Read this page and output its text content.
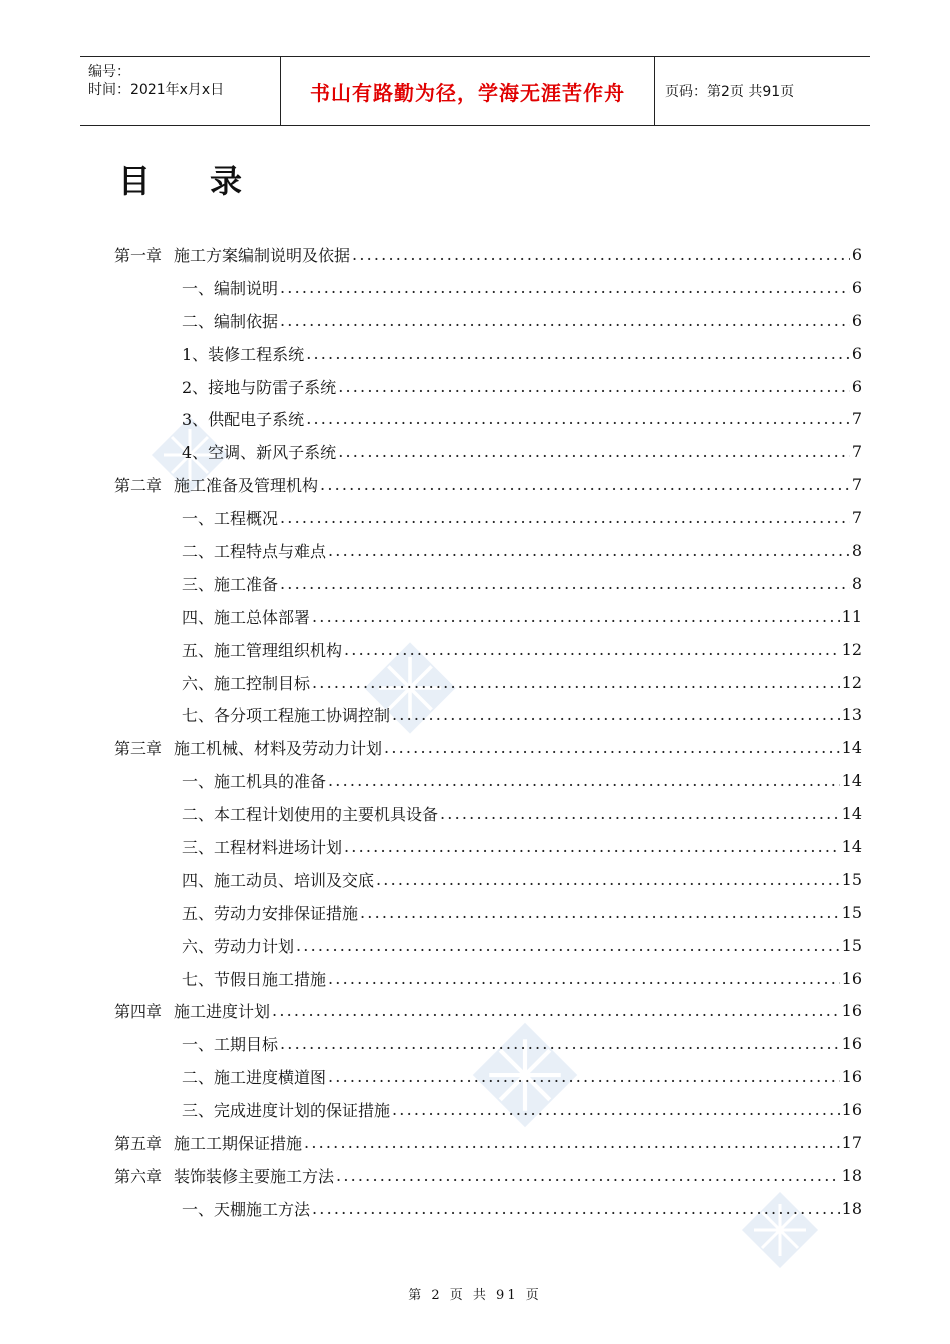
编号：
时间：2021年x月x日	书山有路勤为径，学海无涯苦作舟	页码：第2页 共91页
目录
第一章 施工方案编制说明及依据 .....	6
一、编制说明 .....	6
二、编制依据 .....	6
1、装修工程系统 .....	6
2、接地与防雷子系统 .....	6
3、供配电子系统 .....	7
4、空调、新风子系统 .....	7
第二章 施工准备及管理机构 .....	7
一、工程概况 .....	7
二、工程特点与难点 .....	8
三、施工准备 .....	8
四、施工总体部署 .....	11
五、施工管理组织机构 .....	12
六、施工控制目标 .....	12
七、各分项工程施工协调控制 .....	13
第三章 施工机械、材料及劳动力计划 .....	14
一、施工机具的准备 .....	14
二、本工程计划使用的主要机具设备 .....	14
三、工程材料进场计划 .....	14
四、施工动员、培训及交底 .....	15
五、劳动力安排保证措施 .....	15
六、劳动力计划 .....	15
七、节假日施工措施 .....	16
第四章 施工进度计划 .....	16
一、工期目标 .....	16
二、施工进度横道图 .....	16
三、完成进度计划的保证措施 .....	16
第五章 施工工期保证措施 .....	17
第六章 装饰装修主要施工方法 .....	18
一、天棚施工方法 .....	18
第 2 页 共 91 页
